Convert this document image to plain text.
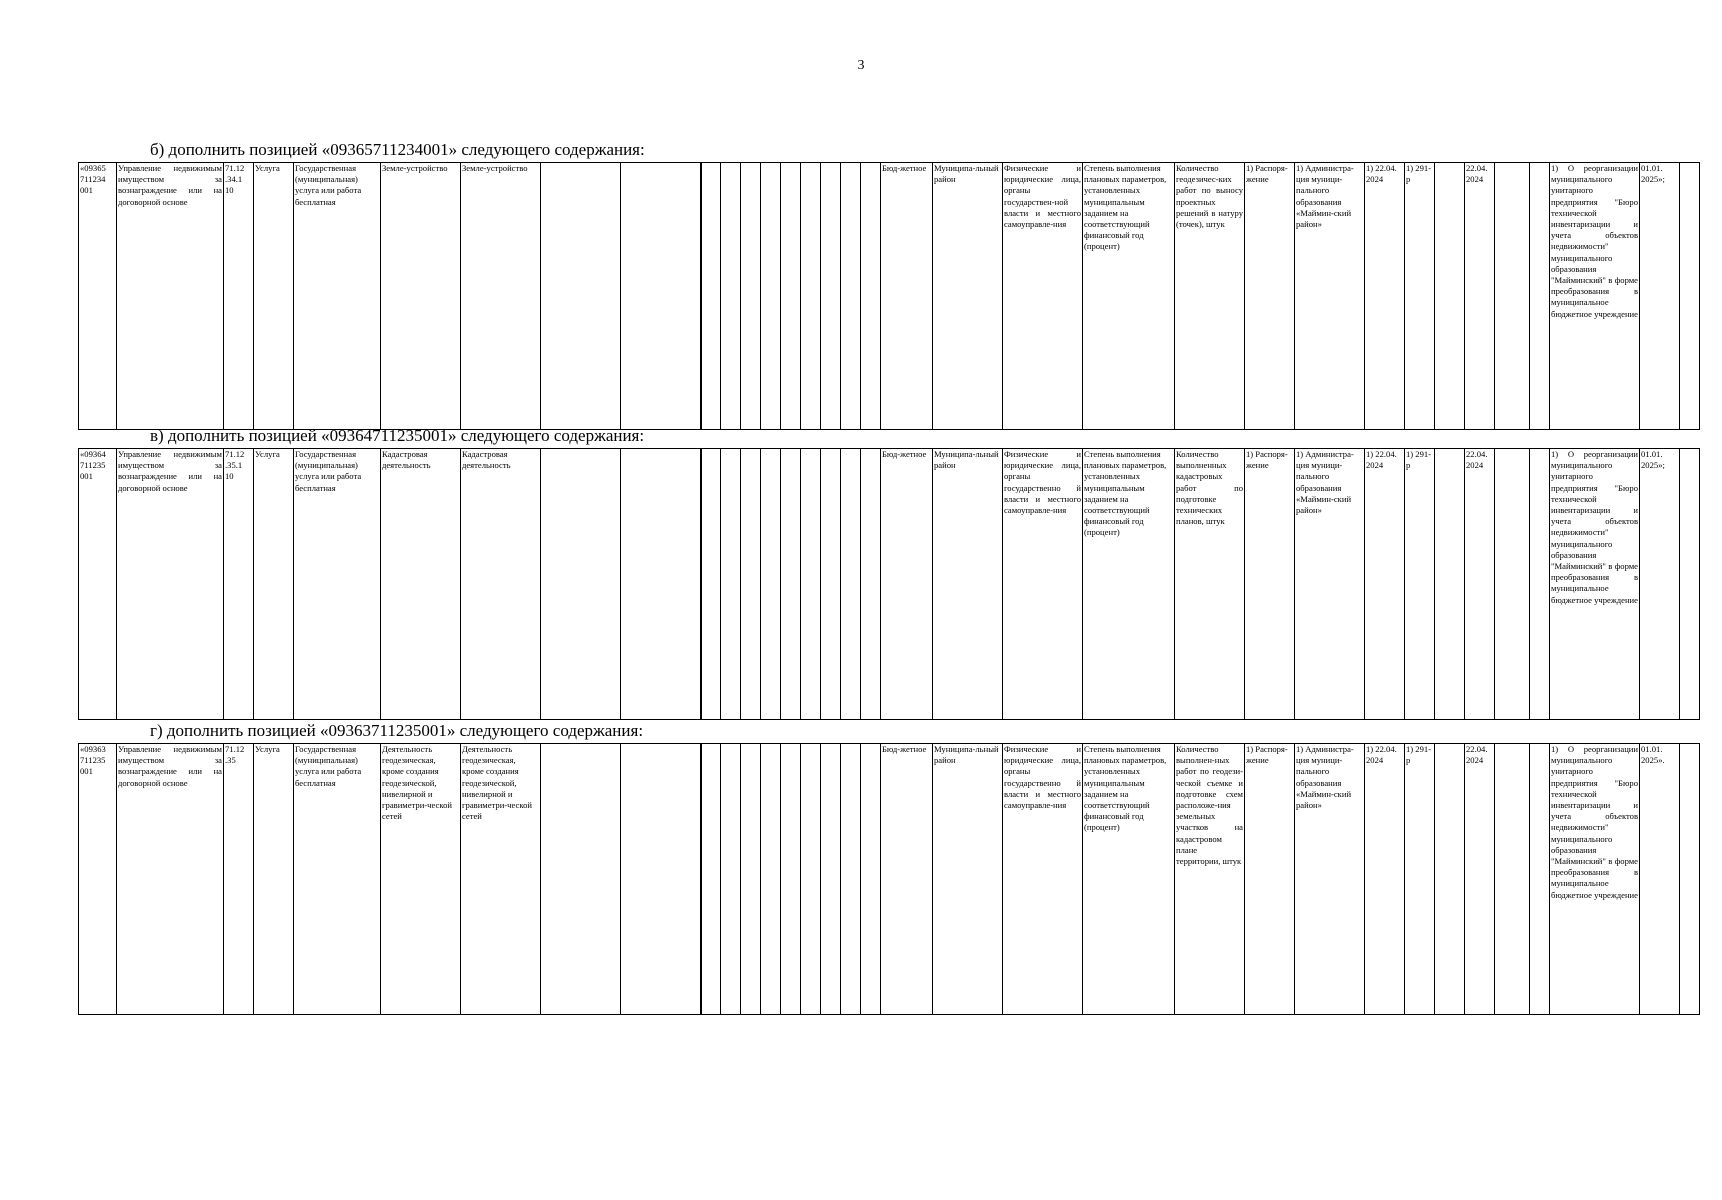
3
б) дополнить позицией «09365711234001» следующего содержания:
«09365 711234 001	Управление недвижимым имуществом за вознаграждение или на договорной основе	71.12 .34.1 10	Услуга	Государственная (муниципальная) услуга или работа бесплатная	Земле-устройство	Земле-устройство												Бюд-жетное	Муниципа-льный район	Физические и юридические лица, органы государствен-ной власти и местного самоуправле-ния	Степень выполнения плановых параметров, установленных муниципальным заданием на соответствующий финансовый год (процент)	Количество геодезичес-ких работ по выносу проектных решений в натуру (точек), штук	1) Распоря-жение	1) Администра-ция муници-пального образования «Маймин-ский район»	1) 22.04. 2024	1) 291-р		22.04. 2024			1) О реорганизации муниципального унитарного предприятия "Бюро технической инвентаризации и учета объектов недвижимости" муниципального образования "Майминский" в форме преобразования в муниципальное бюджетное учреждение	01.01. 2025»;	
в) дополнить позицией «09364711235001» следующего содержания:
«09364 711235 001	Управление недвижимым имуществом за вознаграждение или на договорной основе	71.12 .35.1 10	Услуга	Государственная (муниципальная) услуга или работа бесплатная	Кадастровая деятельность	Кадастровая деятельность												Бюд-жетное	Муниципа-льный район	Физические и юридические лица, органы государственно й власти и местного самоуправле-ния	Степень выполнения плановых параметров, установленных муниципальным заданием на соответствующий финансовый год (процент)	Количество выполненных кадастровых работ по подготовке технических планов, штук	1) Распоря-жение	1) Администра-ция муници-пального образования «Маймин-ский район»	1) 22.04. 2024	1) 291-р		22.04. 2024			1) О реорганизации муниципального унитарного предприятия "Бюро технической инвентаризации и учета объектов недвижимости" муниципального образования "Майминский" в форме преобразования в муниципальное бюджетное учреждение	01.01. 2025»;	
г) дополнить позицией «09363711235001» следующего содержания:
«09363 711235 001	Управление недвижимым имуществом за вознаграждение или на договорной основе	71.12 .35	Услуга	Государственная (муниципальная) услуга или работа бесплатная	Деятельность геодезическая, кроме создания геодезической, нивелирной и гравиметри-ческой сетей	Деятельность геодезическая, кроме создания геодезической, нивелирной и гравиметри-ческой сетей												Бюд-жетное	Муниципа-льный район	Физические и юридические лица, органы государственно й власти и местного самоуправле-ния	Степень выполнения плановых параметров, установленных муниципальным заданием на соответствующий финансовый год (процент)	Количество выполнен-ных работ по геодези-ческой съемке и подготовке схем расположе-ния земельных участков на кадастровом плане территории, штук	1) Распоря-жение	1) Администра-ция муници-пального образования «Маймин-ский район»	1) 22.04. 2024	1) 291-р		22.04. 2024			1) О реорганизации муниципального унитарного предприятия "Бюро технической инвентаризации и учета объектов недвижимости" муниципального образования "Майминский" в форме преобразования в муниципальное бюджетное учреждение	01.01. 2025».	
